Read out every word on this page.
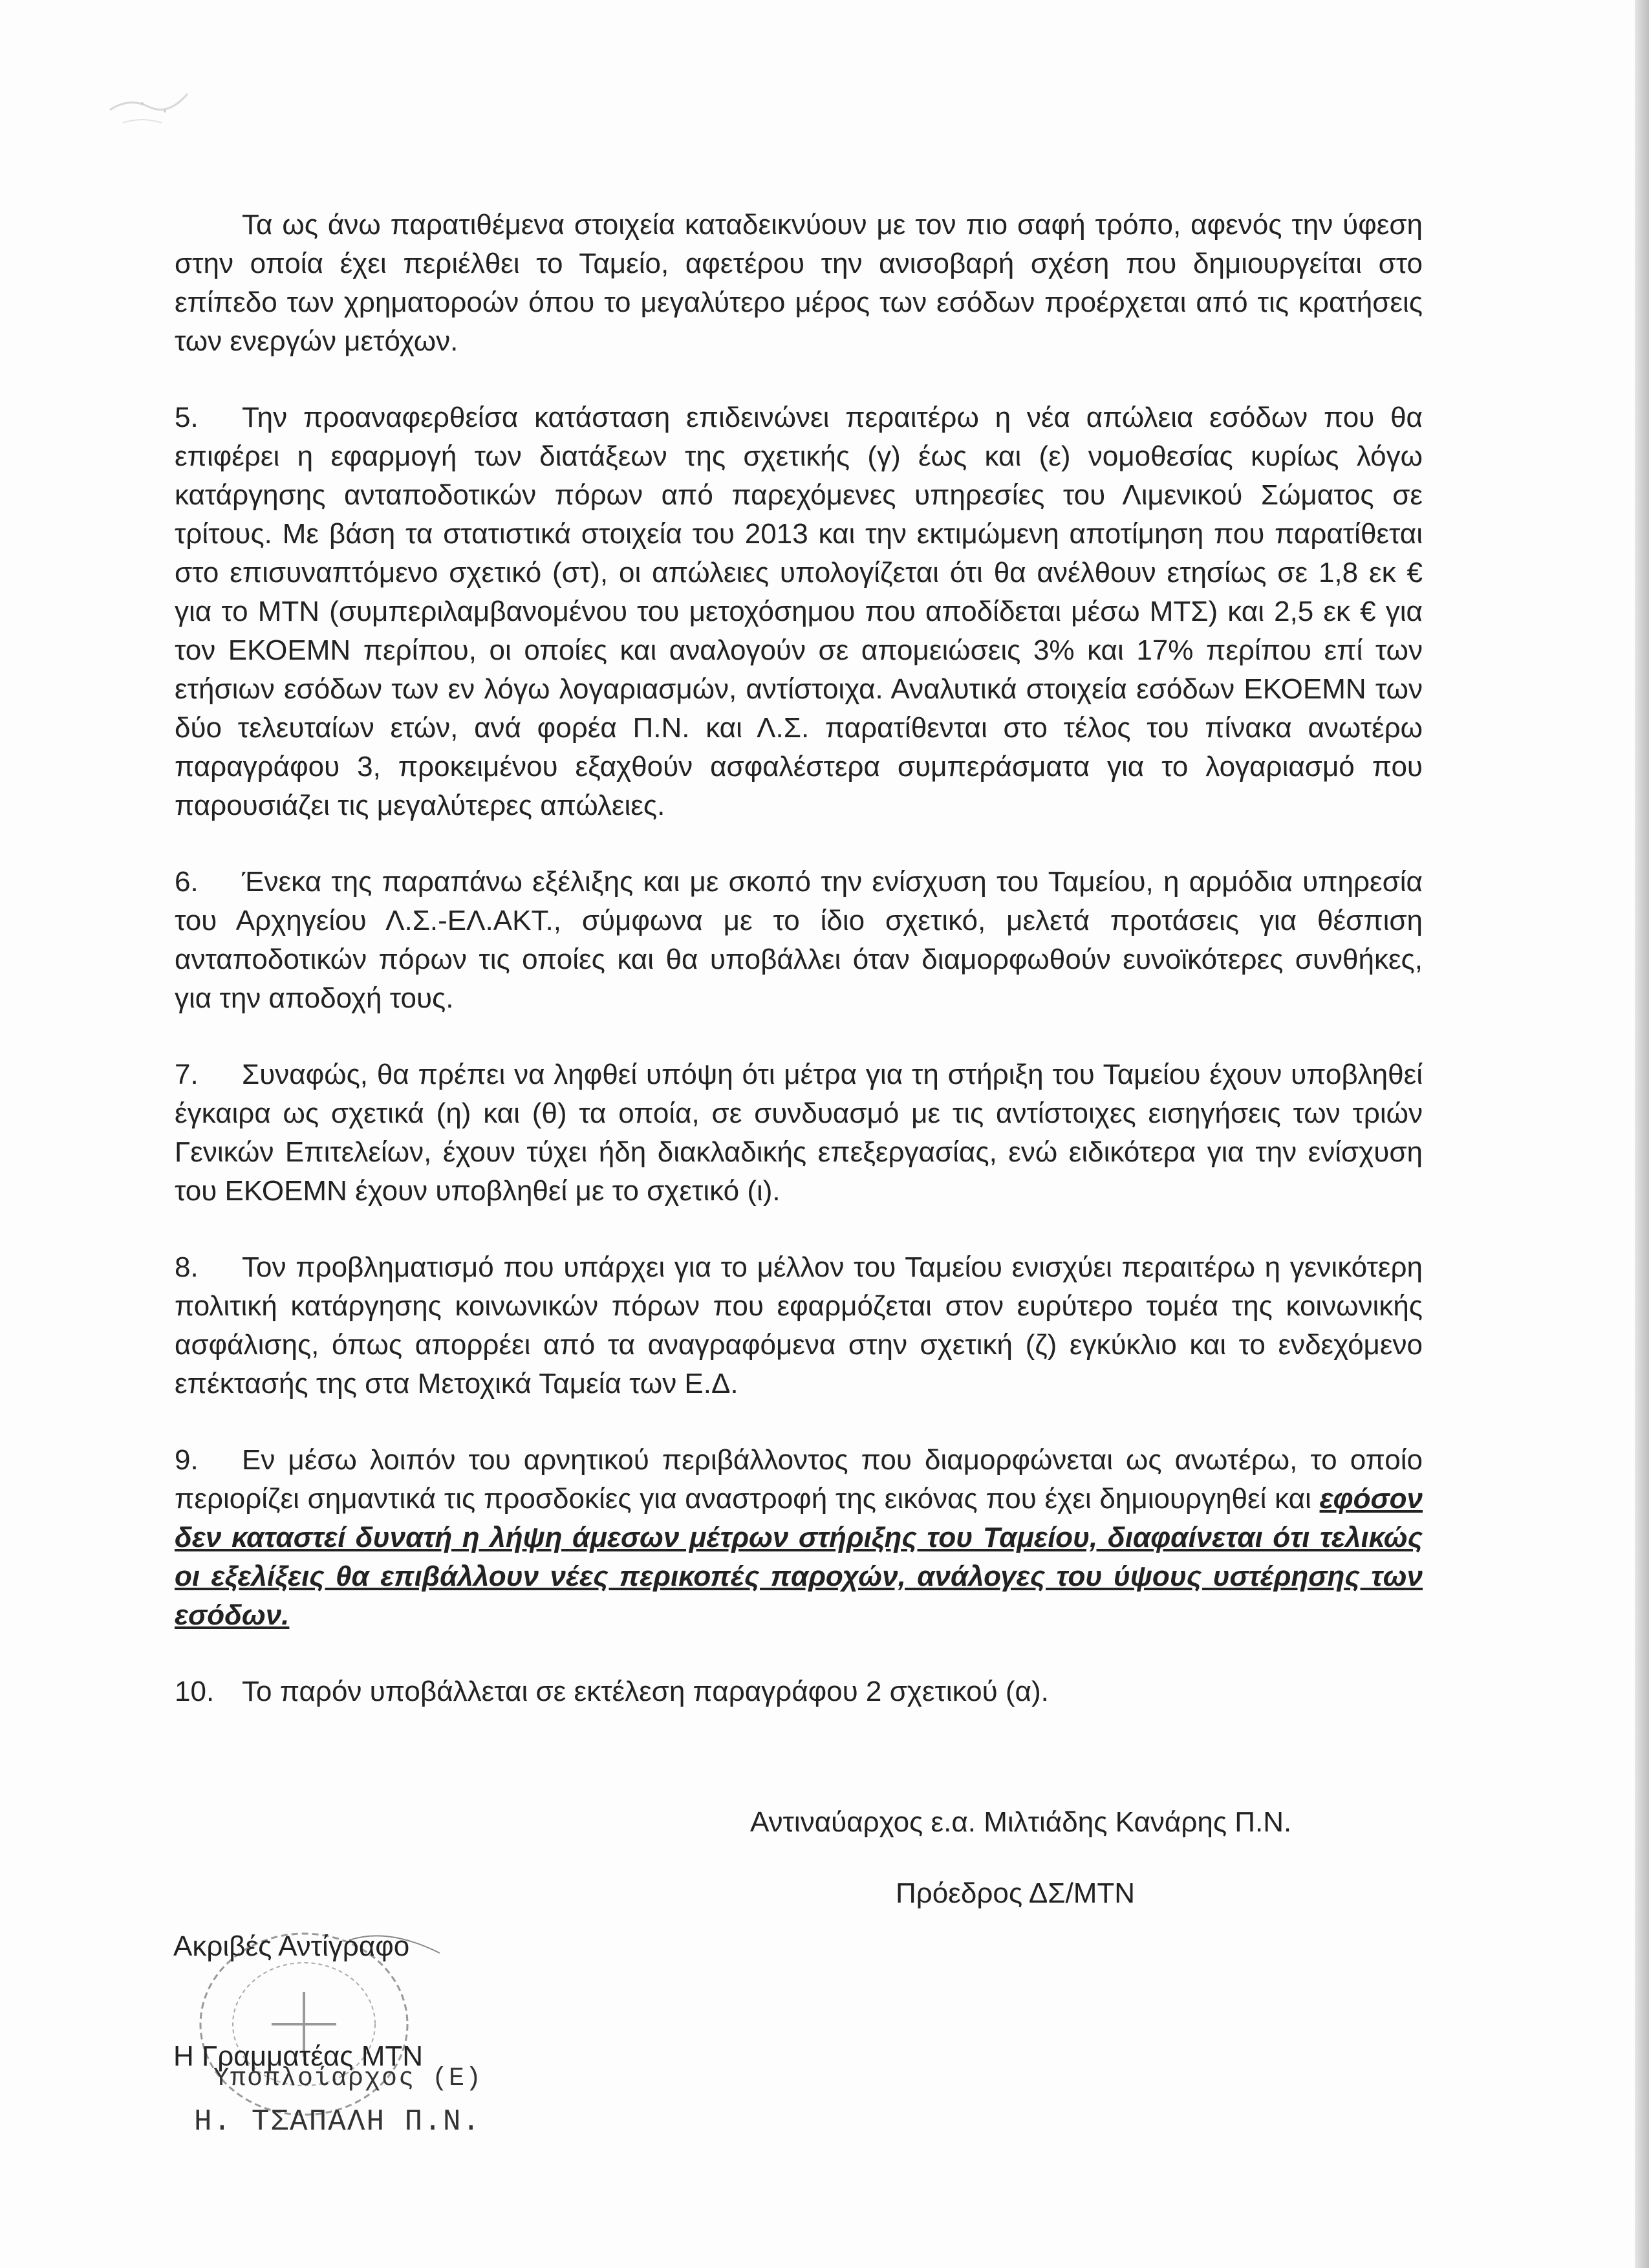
Τα ως άνω παρατιθέμενα στοιχεία καταδεικνύουν με τον πιο σαφή τρόπο, αφενός την ύφεση στην οποία έχει περιέλθει το Ταμείο, αφετέρου την ανισοβαρή σχέση που δημιουργείται στο επίπεδο των χρηματοροών όπου το μεγαλύτερο μέρος των εσόδων προέρχεται από τις κρατήσεις των ενεργών μετόχων.

5. Την προαναφερθείσα κατάσταση επιδεινώνει περαιτέρω η νέα απώλεια εσόδων που θα επιφέρει η εφαρμογή των διατάξεων της σχετικής (γ) έως και (ε) νομοθεσίας κυρίως λόγω κατάργησης ανταποδοτικών πόρων από παρεχόμενες υπηρεσίες του Λιμενικού Σώματος σε τρίτους. Με βάση τα στατιστικά στοιχεία του 2013 και την εκτιμώμενη αποτίμηση που παρατίθεται στο επισυναπτόμενο σχετικό (στ), οι απώλειες υπολογίζεται ότι θα ανέλθουν ετησίως σε 1,8 εκ € για το ΜΤΝ (συμπεριλαμβανομένου του μετοχόσημου που αποδίδεται μέσω ΜΤΣ) και 2,5 εκ € για τον ΕΚΟΕΜΝ περίπου, οι οποίες και αναλογούν σε απομειώσεις 3% και 17% περίπου επί των ετήσιων εσόδων των εν λόγω λογαριασμών, αντίστοιχα. Αναλυτικά στοιχεία εσόδων ΕΚΟΕΜΝ των δύο τελευταίων ετών, ανά φορέα Π.Ν. και Λ.Σ. παρατίθενται στο τέλος του πίνακα ανωτέρω παραγράφου 3, προκειμένου εξαχθούν ασφαλέστερα συμπεράσματα για το λογαριασμό που παρουσιάζει τις μεγαλύτερες απώλειες.

6. Ένεκα της παραπάνω εξέλιξης και με σκοπό την ενίσχυση του Ταμείου, η αρμόδια υπηρεσία του Αρχηγείου Λ.Σ.-ΕΛ.ΑΚΤ., σύμφωνα με το ίδιο σχετικό, μελετά προτάσεις για θέσπιση ανταποδοτικών πόρων τις οποίες και θα υποβάλλει όταν διαμορφωθούν ευνοϊκότερες συνθήκες, για την αποδοχή τους.

7. Συναφώς, θα πρέπει να ληφθεί υπόψη ότι μέτρα για τη στήριξη του Ταμείου έχουν υποβληθεί έγκαιρα ως σχετικά (η) και (θ) τα οποία, σε συνδυασμό με τις αντίστοιχες εισηγήσεις των τριών Γενικών Επιτελείων, έχουν τύχει ήδη διακλαδικής επεξεργασίας, ενώ ειδικότερα για την ενίσχυση του ΕΚΟΕΜΝ έχουν υποβληθεί με το σχετικό (ι).

8. Τον προβληματισμό που υπάρχει για το μέλλον του Ταμείου ενισχύει περαιτέρω η γενικότερη πολιτική κατάργησης κοινωνικών πόρων που εφαρμόζεται στον ευρύτερο τομέα της κοινωνικής ασφάλισης, όπως απορρέει από τα αναγραφόμενα στην σχετική (ζ) εγκύκλιο και το ενδεχόμενο επέκτασής της στα Μετοχικά Ταμεία των Ε.Δ.

9. Εν μέσω λοιπόν του αρνητικού περιβάλλοντος που διαμορφώνεται ως ανωτέρω, το οποίο περιορίζει σημαντικά τις προσδοκίες για αναστροφή της εικόνας που έχει δημιουργηθεί και εφόσον δεν καταστεί δυνατή η λήψη άμεσων μέτρων στήριξης του Ταμείου, διαφαίνεται ότι τελικώς οι εξελίξεις θα επιβάλλουν νέες περικοπές παροχών, ανάλογες του ύψους υστέρησης των εσόδων.

10. Το παρόν υποβάλλεται σε εκτέλεση παραγράφου 2 σχετικού (α).

Αντιναύαρχος ε.α. Μιλτιάδης Κανάρης Π.Ν.
Πρόεδρος ΔΣ/ΜΤΝ
Ακριβές Αντίγραφο
Η Γραμματέας ΜΤΝ
Υποπλοίαρχος (Ε)
Η. ΤΣΑΠΑΛΗ Π.Ν.
